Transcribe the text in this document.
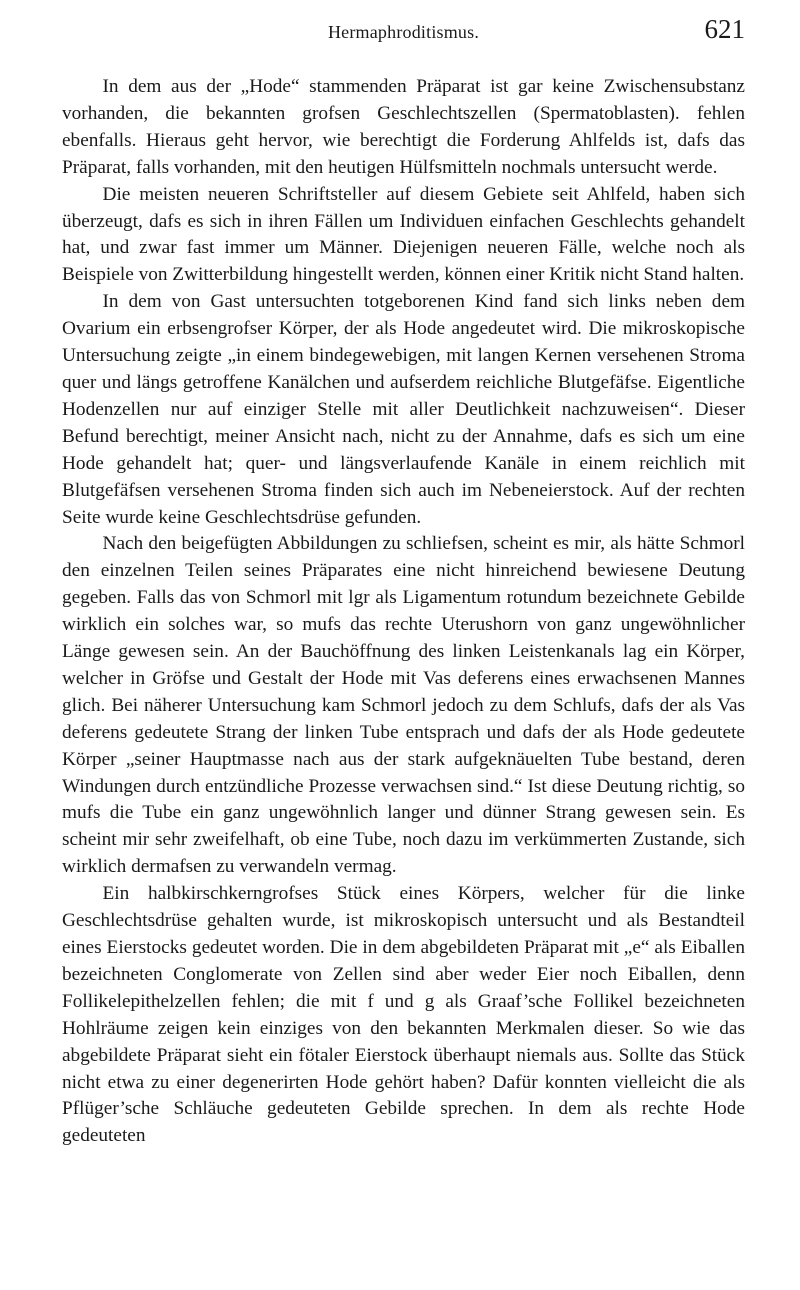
Hermaphroditismus.	621

In dem aus der „Hode“ stammenden Präparat ist gar keine Zwischensubstanz vorhanden, die bekannten grofsen Geschlechtszellen (Spermatoblasten). fehlen ebenfalls. Hieraus geht hervor, wie berechtigt die Forderung Ahlfelds ist, dafs das Präparat, falls vorhanden, mit den heutigen Hülfsmitteln nochmals untersucht werde.

Die meisten neueren Schriftsteller auf diesem Gebiete seit Ahlfeld, haben sich überzeugt, dafs es sich in ihren Fällen um Individuen einfachen Geschlechts gehandelt hat, und zwar fast immer um Männer. Diejenigen neueren Fälle, welche noch als Beispiele von Zwitterbildung hingestellt werden, können einer Kritik nicht Stand halten.

In dem von Gast untersuchten totgeborenen Kind fand sich links neben dem Ovarium ein erbsengrofser Körper, der als Hode angedeutet wird. Die mikroskopische Untersuchung zeigte „in einem bindegewebigen, mit langen Kernen versehenen Stroma quer und längs getroffene Kanälchen und aufserdem reichliche Blutgefäfse. Eigentliche Hodenzellen nur auf einziger Stelle mit aller Deutlichkeit nachzuweisen“. Dieser Befund berechtigt, meiner Ansicht nach, nicht zu der Annahme, dafs es sich um eine Hode gehandelt hat; quer- und längsverlaufende Kanäle in einem reichlich mit Blutgefäfsen versehenen Stroma finden sich auch im Nebeneierstock. Auf der rechten Seite wurde keine Geschlechtsdrüse gefunden.

Nach den beigefügten Abbildungen zu schliefsen, scheint es mir, als hätte Schmorl den einzelnen Teilen seines Präparates eine nicht hinreichend bewiesene Deutung gegeben. Falls das von Schmorl mit lgr als Ligamentum rotundum bezeichnete Gebilde wirklich ein solches war, so mufs das rechte Uterushorn von ganz ungewöhnlicher Länge gewesen sein. An der Bauchöffnung des linken Leistenkanals lag ein Körper, welcher in Gröfse und Gestalt der Hode mit Vas deferens eines erwachsenen Mannes glich. Bei näherer Untersuchung kam Schmorl jedoch zu dem Schlufs, dafs der als Vas deferens gedeutete Strang der linken Tube entsprach und dafs der als Hode gedeutete Körper „seiner Hauptmasse nach aus der stark aufgeknäuelten Tube bestand, deren Windungen durch entzündliche Prozesse verwachsen sind.“ Ist diese Deutung richtig, so mufs die Tube ein ganz ungewöhnlich langer und dünner Strang gewesen sein. Es scheint mir sehr zweifelhaft, ob eine Tube, noch dazu im verkümmerten Zustande, sich wirklich dermafsen zu verwandeln vermag.

Ein halbkirschkerngrofses Stück eines Körpers, welcher für die linke Geschlechtsdrüse gehalten wurde, ist mikroskopisch untersucht und als Bestandteil eines Eierstocks gedeutet worden. Die in dem abgebildeten Präparat mit „e“ als Eiballen bezeichneten Conglomerate von Zellen sind aber weder Eier noch Eiballen, denn Follikelepithelzellen fehlen; die mit f und g als Graaf’sche Follikel bezeichneten Hohlräume zeigen kein einziges von den bekannten Merkmalen dieser. So wie das abgebildete Präparat sieht ein fötaler Eierstock überhaupt niemals aus. Sollte das Stück nicht etwa zu einer degenerirten Hode gehört haben? Dafür konnten vielleicht die als Pflüger’sche Schläuche gedeuteten Gebilde sprechen. In dem als rechte Hode gedeuteten
